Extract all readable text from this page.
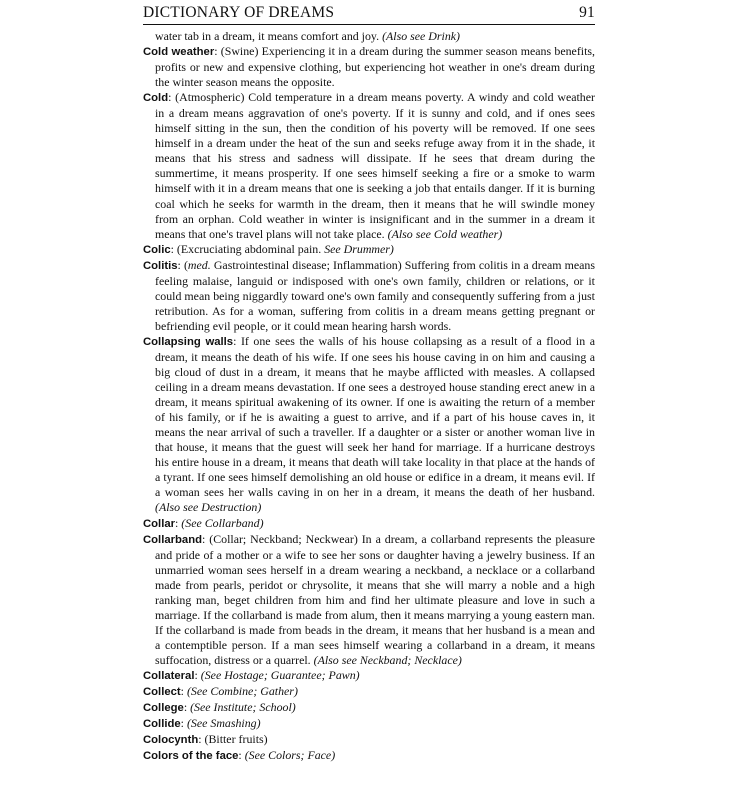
DICTIONARY OF DREAMS	91

water tab in a dream, it means comfort and joy. (Also see Drink)

Cold weather: (Swine) Experiencing it in a dream during the summer season means benefits, profits or new and expensive clothing, but experiencing hot weather in one's dream during the winter season means the opposite.

Cold: (Atmospheric) Cold temperature in a dream means poverty. A windy and cold weather in a dream means aggravation of one's poverty. If it is sunny and cold, and if ones sees himself sitting in the sun, then the condition of his poverty will be removed. If one sees himself in a dream under the heat of the sun and seeks refuge away from it in the shade, it means that his stress and sadness will dissipate. If he sees that dream during the summertime, it means prosperity. If one sees himself seeking a fire or a smoke to warm himself with it in a dream means that one is seeking a job that entails danger. If it is burning coal which he seeks for warmth in the dream, then it means that he will swindle money from an orphan. Cold weather in winter is insignificant and in the summer in a dream it means that one's travel plans will not take place. (Also see Cold weather)

Colic: (Excruciating abdominal pain. See Drummer)

Colitis: (med. Gastrointestinal disease; Inflammation) Suffering from colitis in a dream means feeling malaise, languid or indisposed with one's own family, children or relations, or it could mean being niggardly toward one's own family and consequently suffering from a just retribution. As for a woman, suffering from colitis in a dream means getting pregnant or befriending evil people, or it could mean hearing harsh words.

Collapsing walls: If one sees the walls of his house collapsing as a result of a flood in a dream, it means the death of his wife. If one sees his house caving in on him and causing a big cloud of dust in a dream, it means that he maybe afflicted with measles. A collapsed ceiling in a dream means devastation. If one sees a destroyed house standing erect anew in a dream, it means spiritual awakening of its owner. If one is awaiting the return of a member of his family, or if he is awaiting a guest to arrive, and if a part of his house caves in, it means the near arrival of such a traveller. If a daughter or a sister or another woman live in that house, it means that the guest will seek her hand for marriage. If a hurricane destroys his entire house in a dream, it means that death will take locality in that place at the hands of a tyrant. If one sees himself demolishing an old house or edifice in a dream, it means evil. If a woman sees her walls caving in on her in a dream, it means the death of her husband. (Also see Destruction)

Collar: (See Collarband)

Collarband: (Collar; Neckband; Neckwear) In a dream, a collarband represents the pleasure and pride of a mother or a wife to see her sons or daughter having a jewelry business. If an unmarried woman sees herself in a dream wearing a neckband, a necklace or a collarband made from pearls, peridot or chrysolite, it means that she will marry a noble and a high ranking man, beget children from him and find her ultimate pleasure and love in such a marriage. If the collarband is made from alum, then it means marrying a young eastern man. If the collarband is made from beads in the dream, it means that her husband is a mean and a contemptible person. If a man sees himself wearing a collarband in a dream, it means suffocation, distress or a quarrel. (Also see Neckband; Necklace)

Collateral: (See Hostage; Guarantee; Pawn)

Collect: (See Combine; Gather)

College: (See Institute; School)

Collide: (See Smashing)

Colocynth: (Bitter fruits)

Colors of the face: (See Colors; Face)
